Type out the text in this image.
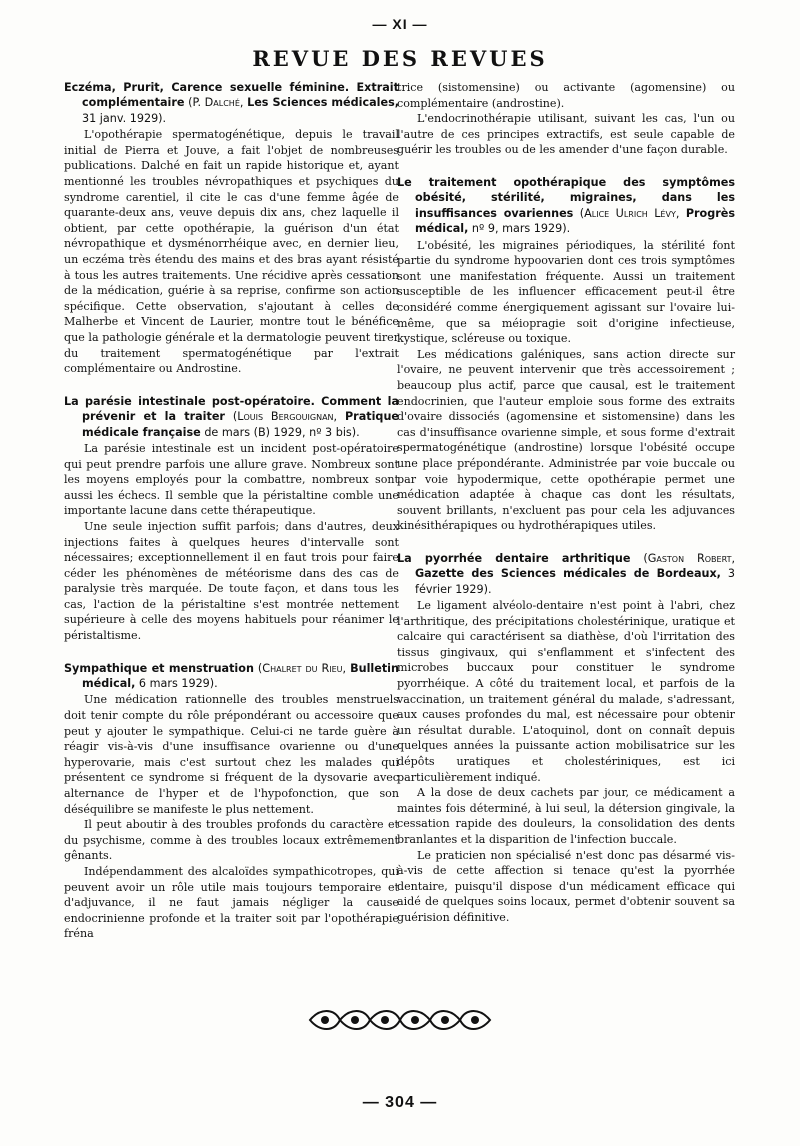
— XI —
REVUE DES REVUES
Eczéma, Prurit, Carence sexuelle féminine. Extrait complémentaire (P. Dalché, Les Sciences médicales, 31 janv. 1929).

L'opothérapie spermatogénétique, depuis le travail initial de Pierra et Jouve, a fait l'objet de nombreuses publications. Dalché en fait un rapide historique et, ayant mentionné les troubles névropathiques et psychiques du syndrome carentiel, il cite le cas d'une femme âgée de quarante-deux ans, veuve depuis dix ans, chez laquelle il obtient, par cette opothérapie, la guérison d'un état névropathique et dysménorrhéique avec, en dernier lieu, un eczéma très étendu des mains et des bras ayant résisté à tous les autres traitements. Une récidive après cessation de la médication, guérie à sa reprise, confirme son action spécifique. Cette observation, s'ajoutant à celles de Malherbe et Vincent de Laurier, montre tout le bénéfice que la pathologie générale et la dermatologie peuvent tirer du traitement spermatogénétique par l'extrait complémentaire ou Androstine.

La parésie intestinale post-opératoire. Comment la prévenir et la traiter (Louis Bergouignan, Pratique médicale française de mars (B) 1929, nº 3 bis).

La parésie intestinale est un incident post-opératoire qui peut prendre parfois une allure grave. Nombreux sont les moyens employés pour la combattre, nombreux sont aussi les échecs. Il semble que la péristaltine comble une importante lacune dans cette thérapeutique.

Une seule injection suffit parfois; dans d'autres, deux injections faites à quelques heures d'intervalle sont nécessaires; exceptionnellement il en faut trois pour faire céder les phénomènes de météorisme dans des cas de paralysie très marquée. De toute façon, et dans tous les cas, l'action de la péristaltine s'est montrée nettement supérieure à celle des moyens habituels pour réanimer le péristaltisme.

Sympathique et menstruation (Chalret du Rieu, Bulletin médical, 6 mars 1929).

Une médication rationnelle des troubles menstruels doit tenir compte du rôle prépondérant ou accessoire que peut y ajouter le sympathique. Celui-ci ne tarde guère à réagir vis-à-vis d'une insuffisance ovarienne ou d'une hyperovarie, mais c'est surtout chez les malades qui présentent ce syndrome si fréquent de la dysovarie avec alternance de l'hyper et de l'hypofonction, que son déséquilibre se manifeste le plus nettement.

Il peut aboutir à des troubles profonds du caractère et du psychisme, comme à des troubles locaux extrêmement gênants.

Indépendamment des alcaloïdes sympathicotropes, qui peuvent avoir un rôle utile mais toujours temporaire et d'adjuvance, il ne faut jamais négliger la cause endocrinienne profonde et la traiter soit par l'opothérapie fréna

trice (sistomensine) ou activante (agomensine) ou complémentaire (androstine).

L'endocrinothérapie utilisant, suivant les cas, l'un ou l'autre de ces principes extractifs, est seule capable de guérir les troubles ou de les amender d'une façon durable.

Le traitement opothérapique des symptômes obésité, stérilité, migraines, dans les insuffisances ovariennes (Alice Ulrich Lévy, Progrès médical, nº 9, mars 1929).

L'obésité, les migraines périodiques, la stérilité font partie du syndrome hypoovarien dont ces trois symptômes sont une manifestation fréquente. Aussi un traitement susceptible de les influencer efficacement peut-il être considéré comme énergiquement agissant sur l'ovaire lui-même, que sa méiopragie soit d'origine infectieuse, kystique, scléreuse ou toxique.

Les médications galéniques, sans action directe sur l'ovaire, ne peuvent intervenir que très accessoirement ; beaucoup plus actif, parce que causal, est le traitement endocrinien, que l'auteur emploie sous forme des extraits d'ovaire dissociés (agomensine et sistomensine) dans les cas d'insuffisance ovarienne simple, et sous forme d'extrait spermatogénétique (androstine) lorsque l'obésité occupe une place prépondérante. Administrée par voie buccale ou par voie hypodermique, cette opothérapie permet une médication adaptée à chaque cas dont les résultats, souvent brillants, n'excluent pas pour cela les adjuvances kinésithérapiques ou hydrothérapiques utiles.

La pyorrhée dentaire arthritique (Gaston Robert, Gazette des Sciences médicales de Bordeaux, 3 février 1929).

Le ligament alvéolo-dentaire n'est point à l'abri, chez l'arthritique, des précipitations cholestérinique, uratique et calcaire qui caractérisent sa diathèse, d'où l'irritation des tissus gingivaux, qui s'enflamment et s'infectent des microbes buccaux pour constituer le syndrome pyorrhéique. A côté du traitement local, et parfois de la vaccination, un traitement général du malade, s'adressant, aux causes profondes du mal, est nécessaire pour obtenir un résultat durable. L'atoquinol, dont on connaît depuis quelques années la puissante action mobilisatrice sur les dépôts uratiques et cholestériniques, est ici particulièrement indiqué.

A la dose de deux cachets par jour, ce médicament a maintes fois déterminé, à lui seul, la détersion gingivale, la cessation rapide des douleurs, la consolidation des dents branlantes et la disparition de l'infection buccale.

Le praticien non spécialisé n'est donc pas désarmé vis-à-vis de cette affection si tenace qu'est la pyorrhée dentaire, puisqu'il dispose d'un médicament efficace qui aidé de quelques soins locaux, permet d'obtenir souvent sa guérision définitive.

— 304 —
